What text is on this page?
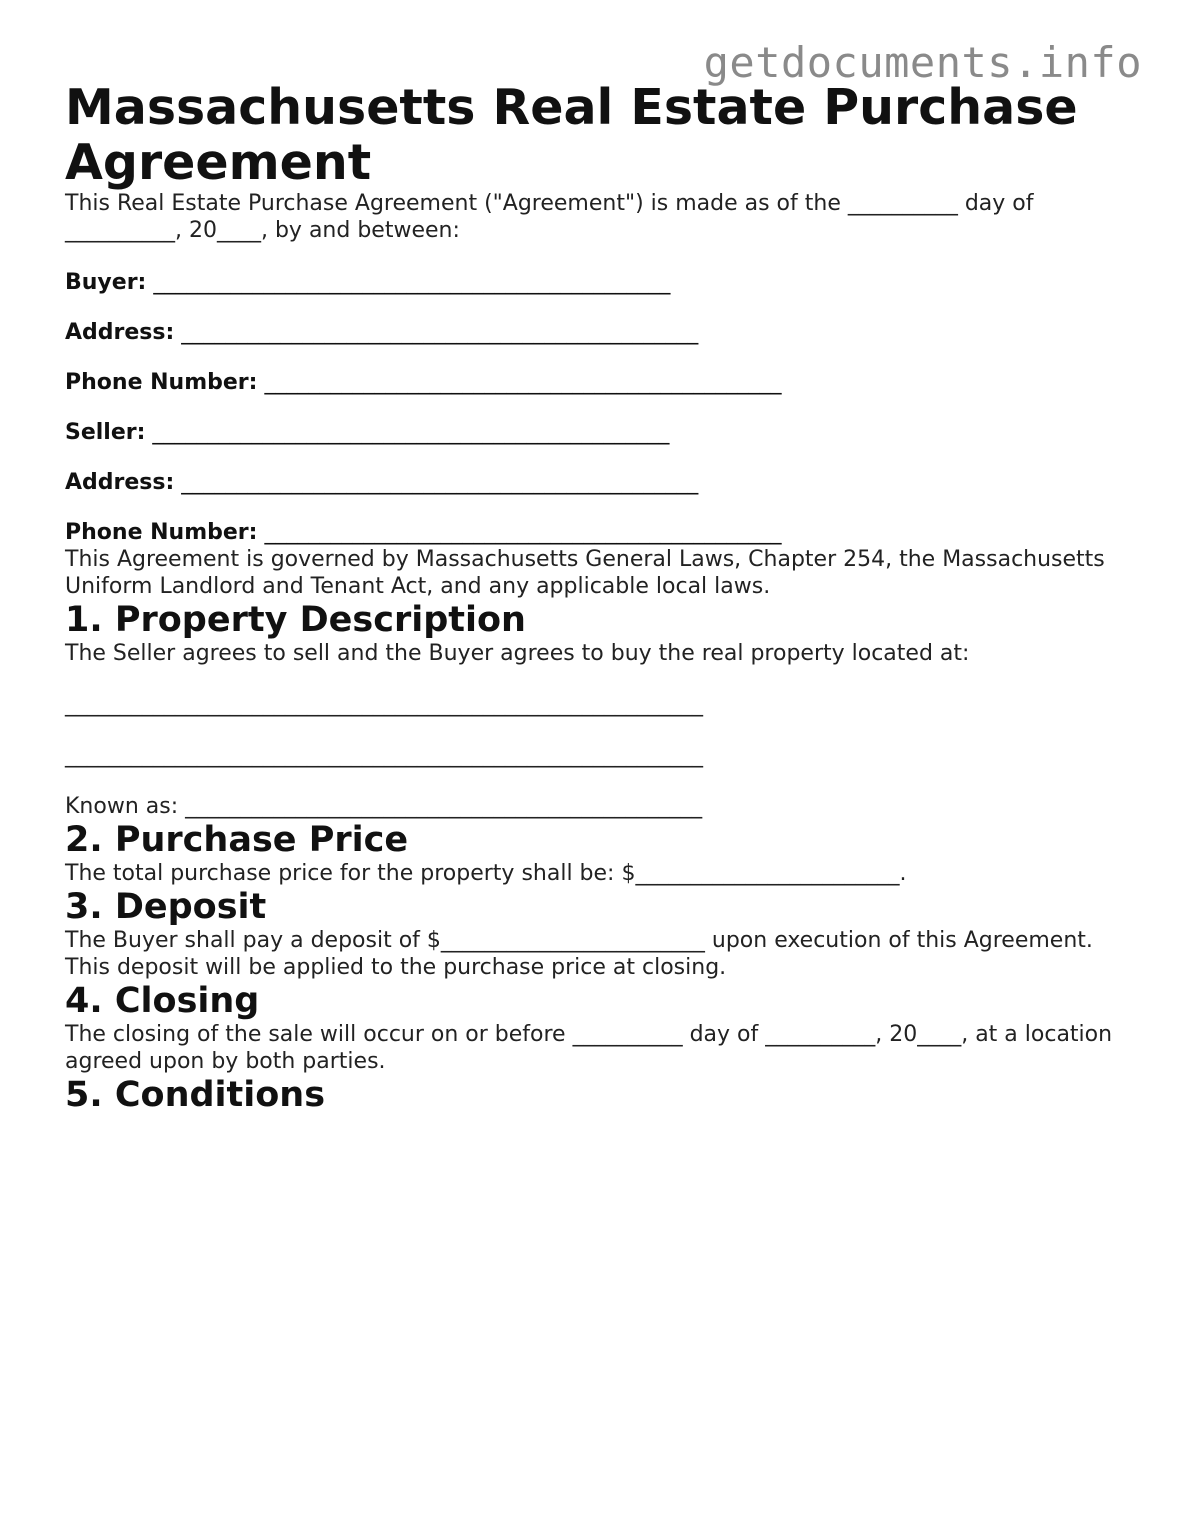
getdocuments.info
Massachusetts Real Estate Purchase Agreement

This Real Estate Purchase Agreement ("Agreement") is made as of the __________ day of __________, 20____, by and between:

Buyer: _______________________________________________
Address: _______________________________________________
Phone Number: _______________________________________________
Seller: _______________________________________________
Address: _______________________________________________
Phone Number: _______________________________________________

This Agreement is governed by Massachusetts General Laws, Chapter 254, the Massachusetts Uniform Landlord and Tenant Act, and any applicable local laws.

1. Property Description

The Seller agrees to sell and the Buyer agrees to buy the real property located at:

__________________________________________________________
__________________________________________________________
Known as: _______________________________________________
2. Purchase Price

The total purchase price for the property shall be: $________________________.

3. Deposit

The Buyer shall pay a deposit of $________________________ upon execution of this Agreement. This deposit will be applied to the purchase price at closing.

4. Closing

The closing of the sale will occur on or before __________ day of __________, 20____, at a location agreed upon by both parties.

5. Conditions
